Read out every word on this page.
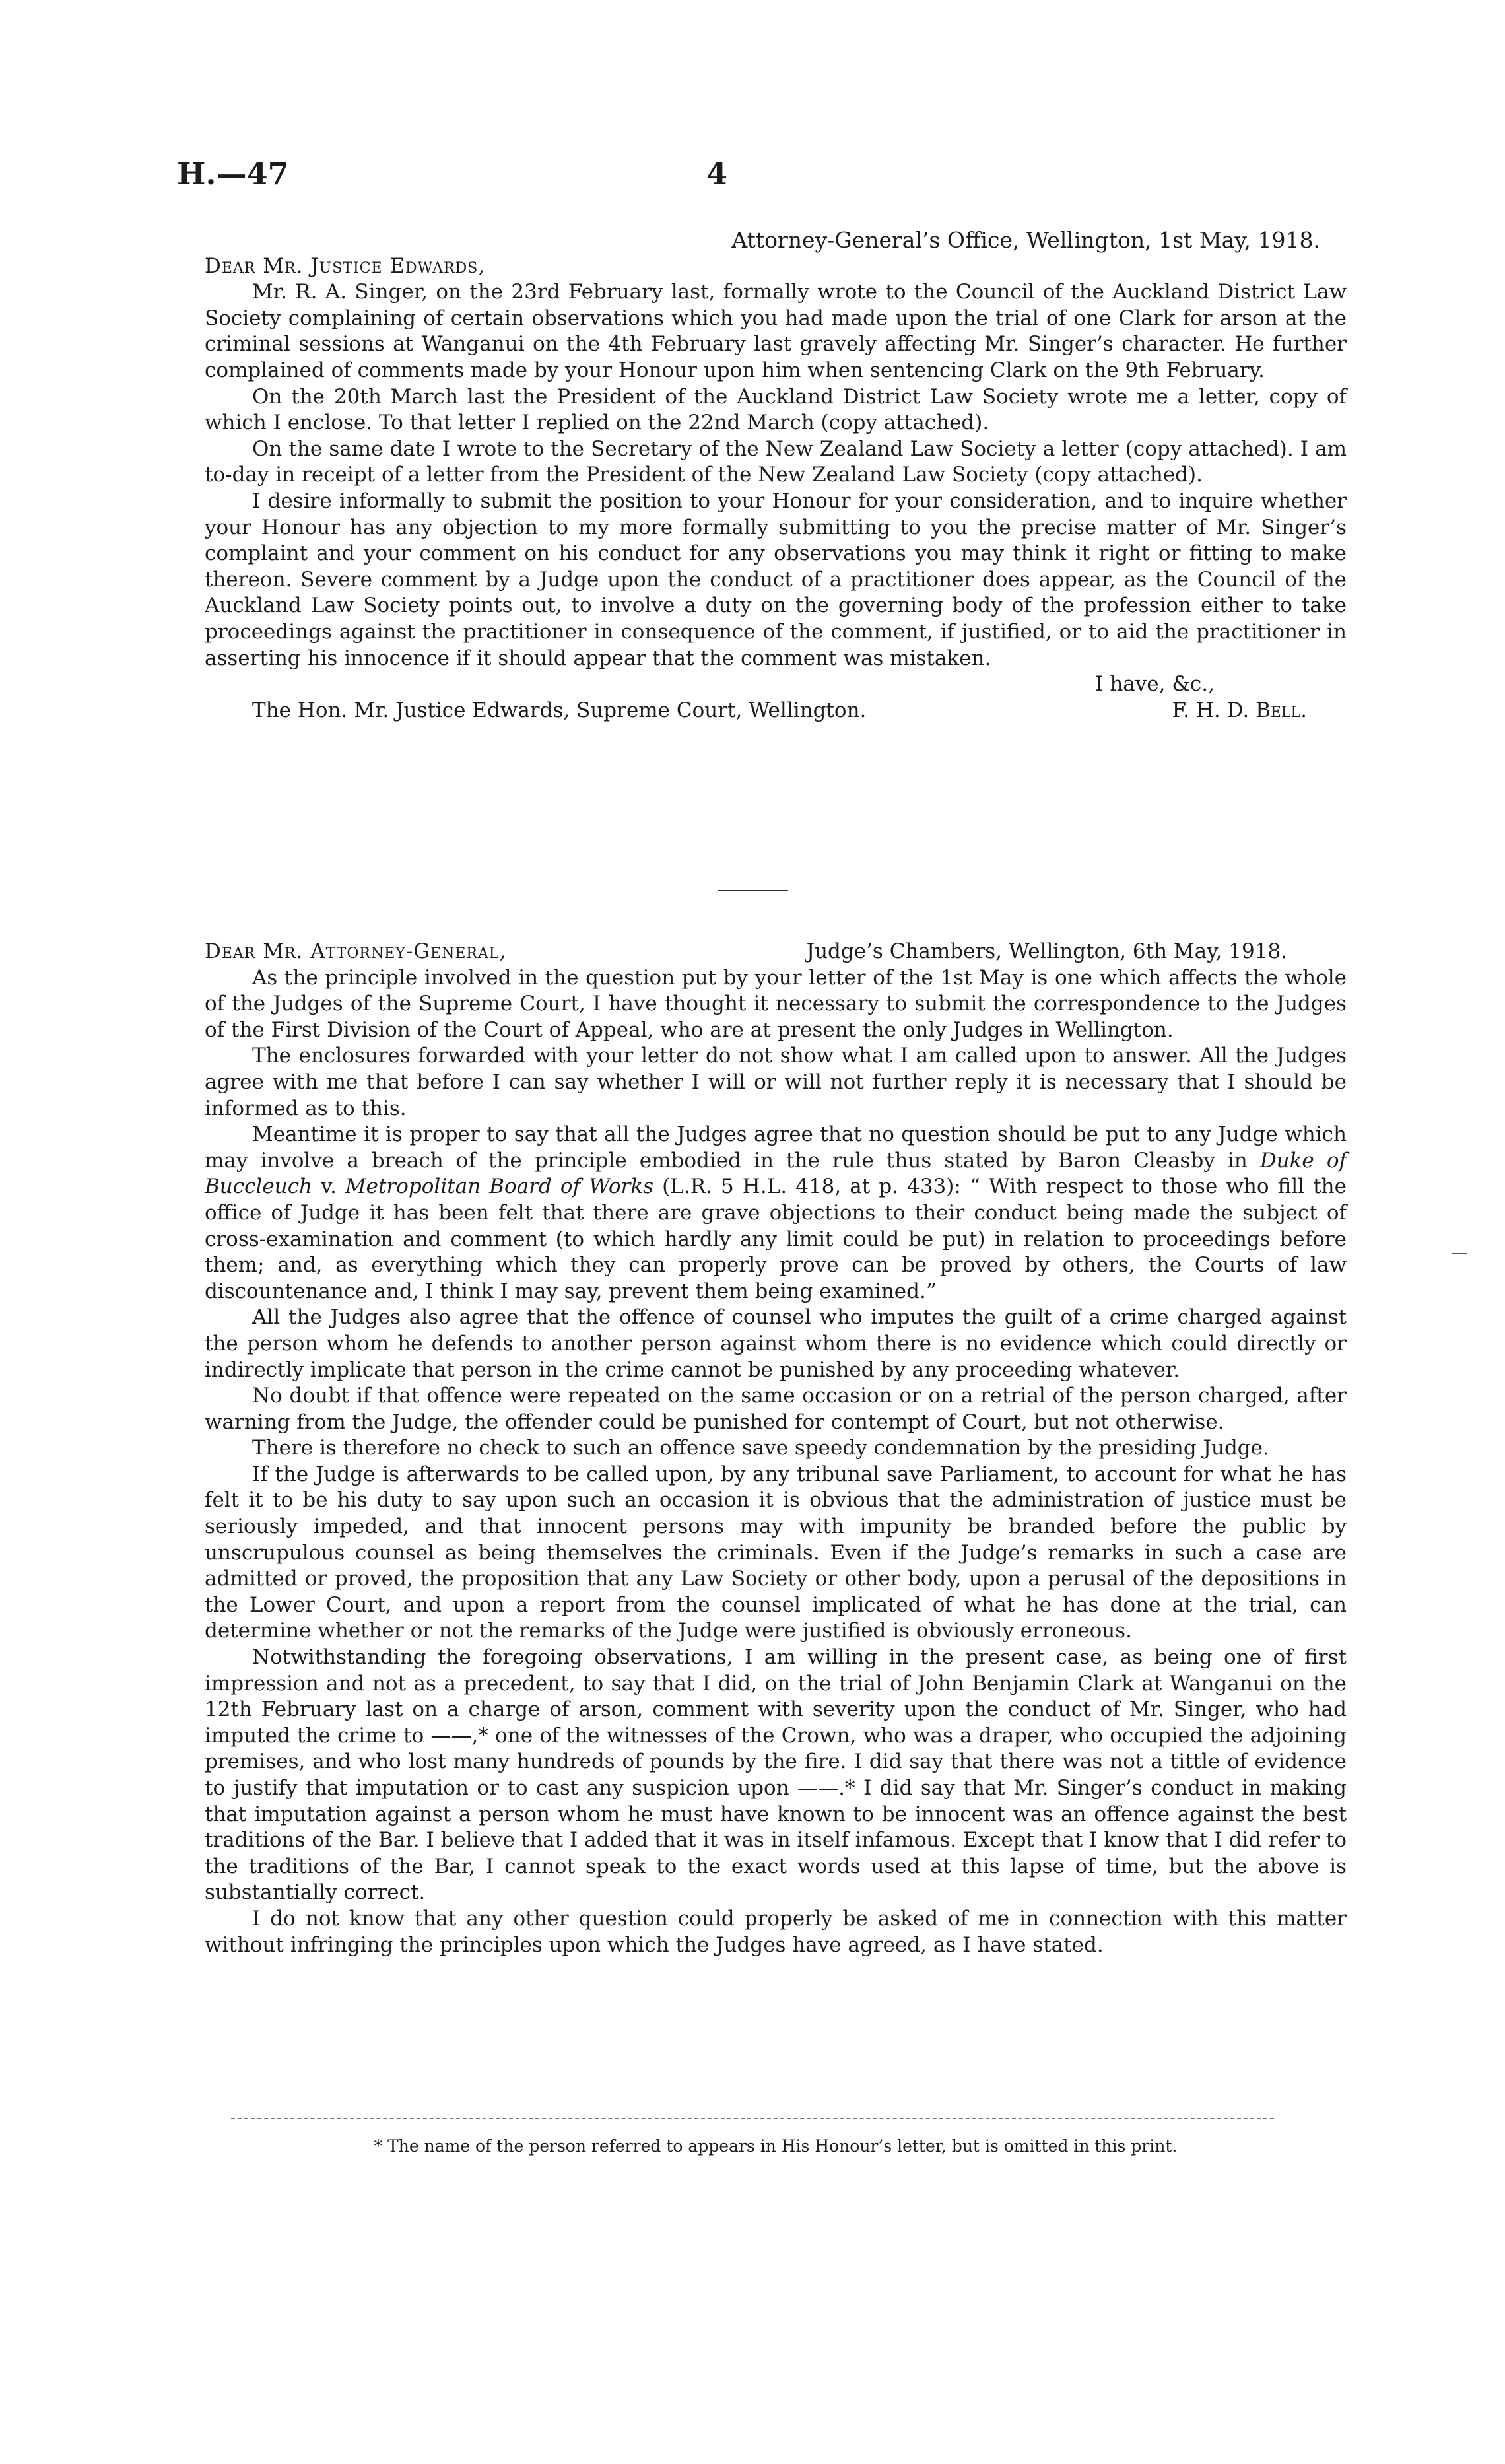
H.—47	4
Attorney-General’s Office, Wellington, 1st May, 1918.
Dear Mr. Justice Edwards,

Mr. R. A. Singer, on the 23rd February last, formally wrote to the Council of the Auckland District Law Society complaining of certain observations which you had made upon the trial of one Clark for arson at the criminal sessions at Wanganui on the 4th February last gravely affecting Mr. Singer’s character. He further complained of comments made by your Honour upon him when sentencing Clark on the 9th February.

On the 20th March last the President of the Auckland District Law Society wrote me a letter, copy of which I enclose. To that letter I replied on the 22nd March (copy attached).

On the same date I wrote to the Secretary of the New Zealand Law Society a letter (copy attached). I am to-day in receipt of a letter from the President of the New Zealand Law Society (copy attached).

I desire informally to submit the position to your Honour for your consideration, and to inquire whether your Honour has any objection to my more formally submitting to you the precise matter of Mr. Singer’s complaint and your comment on his conduct for any observations you may think it right or fitting to make thereon. Severe comment by a Judge upon the conduct of a practitioner does appear, as the Council of the Auckland Law Society points out, to involve a duty on the governing body of the profession either to take proceedings against the practitioner in consequence of the comment, if justified, or to aid the practitioner in asserting his innocence if it should appear that the comment was mistaken.

I have, &c.,
The Hon. Mr. Justice Edwards, Supreme Court, Wellington.	F. H. D. Bell.
Dear Mr. Attorney-General,	Judge’s Chambers, Wellington, 6th May, 1918.

As the principle involved in the question put by your letter of the 1st May is one which affects the whole of the Judges of the Supreme Court, I have thought it necessary to submit the correspondence to the Judges of the First Division of the Court of Appeal, who are at present the only Judges in Wellington.

The enclosures forwarded with your letter do not show what I am called upon to answer. All the Judges agree with me that before I can say whether I will or will not further reply it is necessary that I should be informed as to this.

Meantime it is proper to say that all the Judges agree that no question should be put to any Judge which may involve a breach of the principle embodied in the rule thus stated by Baron Cleasby in Duke of Buccleuch v. Metropolitan Board of Works (L.R. 5 H.L. 418, at p. 433): “ With respect to those who fill the office of Judge it has been felt that there are grave objections to their conduct being made the subject of cross-examination and comment (to which hardly any limit could be put) in relation to proceedings before them; and, as everything which they can properly prove can be proved by others, the Courts of law discountenance and, I think I may say, prevent them being examined.”

All the Judges also agree that the offence of counsel who imputes the guilt of a crime charged against the person whom he defends to another person against whom there is no evidence which could directly or indirectly implicate that person in the crime cannot be punished by any proceeding whatever.

No doubt if that offence were repeated on the same occasion or on a retrial of the person charged, after warning from the Judge, the offender could be punished for contempt of Court, but not otherwise.

There is therefore no check to such an offence save speedy condemnation by the presiding Judge.

If the Judge is afterwards to be called upon, by any tribunal save Parliament, to account for what he has felt it to be his duty to say upon such an occasion it is obvious that the administration of justice must be seriously impeded, and that innocent persons may with impunity be branded before the public by unscrupulous counsel as being themselves the criminals. Even if the Judge’s remarks in such a case are admitted or proved, the proposition that any Law Society or other body, upon a perusal of the depositions in the Lower Court, and upon a report from the counsel implicated of what he has done at the trial, can determine whether or not the remarks of the Judge were justified is obviously erroneous.

Notwithstanding the foregoing observations, I am willing in the present case, as being one of first impression and not as a precedent, to say that I did, on the trial of John Benjamin Clark at Wanganui on the 12th February last on a charge of arson, comment with severity upon the conduct of Mr. Singer, who had imputed the crime to ——,* one of the witnesses of the Crown, who was a draper, who occupied the adjoining premises, and who lost many hundreds of pounds by the fire. I did say that there was not a tittle of evidence to justify that imputation or to cast any suspicion upon ——.* I did say that Mr. Singer’s conduct in making that imputation against a person whom he must have known to be innocent was an offence against the best traditions of the Bar. I believe that I added that it was in itself infamous. Except that I know that I did refer to the traditions of the Bar, I cannot speak to the exact words used at this lapse of time, but the above is substantially correct.

I do not know that any other question could properly be asked of me in connection with this matter without infringing the principles upon which the Judges have agreed, as I have stated.

* The name of the person referred to appears in His Honour’s letter, but is omitted in this print.
